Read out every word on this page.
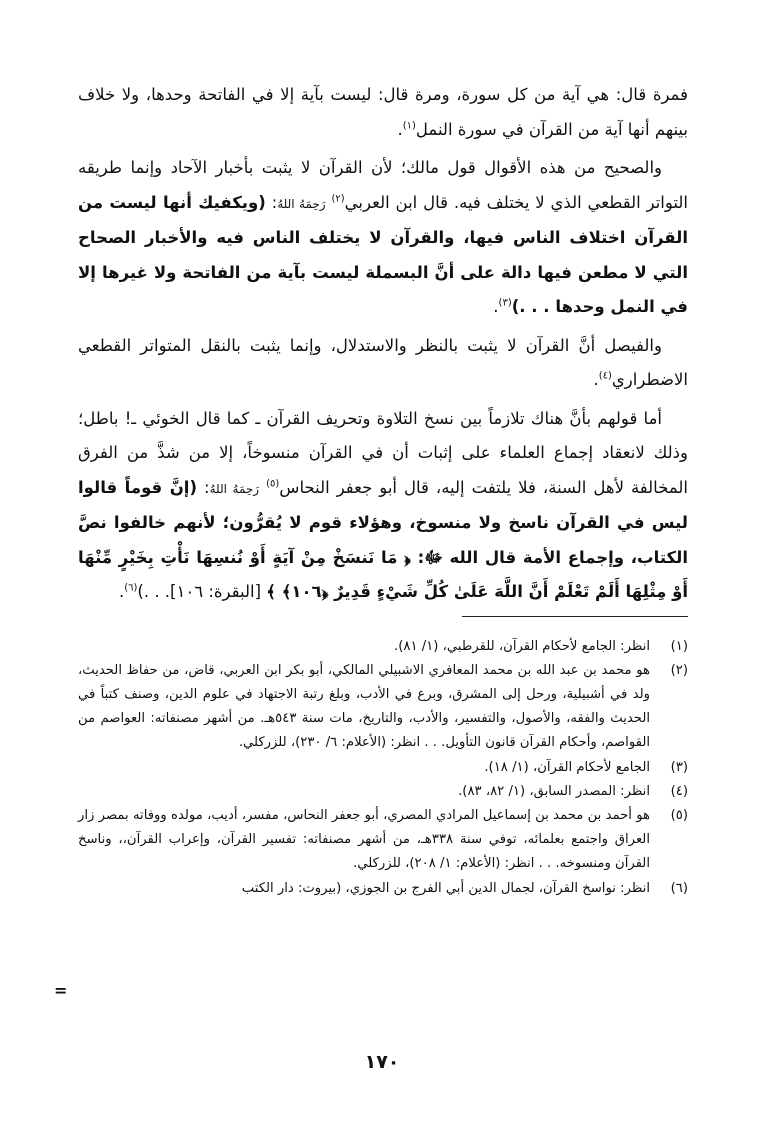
فمرة قال: هي آية من كل سورة، ومرة قال: ليست بآية إلا في الفاتحة وحدها، ولا خلاف بينهم أنها آية من القرآن في سورة النمل$^{(١)}$.

والصحيح من هذه الأقوال قول مالك؛ لأن القرآن لا يثبت بأخبار الآحاد وإنما طريقه التواتر القطعي الذي لا يختلف فيه. قال ابن العربي$^{(٢)}$ رَحِمَهُ اللهُ: (ويكفيك أنها ليست من القرآن اختلاف الناس فيها، والقرآن لا يختلف الناس فيه والأخبار الصحاح التي لا مطعن فيها دالة على أنَّ البسملة ليست بآية من الفاتحة ولا غيرها إلا في النمل وحدها . . .)$^{(٣)}$.

والفيصل أنَّ القرآن لا يثبت بالنظر والاستدلال، وإنما يثبت بالنقل المتواتر القطعي الاضطراري$^{(٤)}$.

أما قولهم بأنَّ هناك تلازماً بين نسخ التلاوة وتحريف القرآن ـ كما قال الخوئي ـ! باطل؛ وذلك لانعقاد إجماع العلماء على إثبات أن في القرآن منسوخاً، إلا من شذَّ من الفرق المخالفة لأهل السنة، فلا يلتفت إليه، قال أبو جعفر النحاس$^{(٥)}$ رَحِمَهُ اللهُ: (إنَّ قوماً قالوا ليس في القرآن ناسخ ولا منسوخ، وهؤلاء قوم لا يُقرُّون؛ لأنهم خالفوا نصَّ الكتاب، وإجماع الأمة قال الله ﷻ: ﴿ مَا نَنسَخْ مِنْ آيَةٍ أَوْ نُنسِهَا نَأْتِ بِخَيْرٍ مِّنْهَا أَوْ مِثْلِهَا أَلَمْ تَعْلَمْ أَنَّ اللَّهَ عَلَىٰ كُلِّ شَيْءٍ قَدِيرٌ ﴿١٠٦﴾ ﴾ [البقرة: ١٠٦]. . .)$^{(٦)}$.

(١)
انظر: الجامع لأحكام القرآن، للقرطبي، (١/ ٨١).
(٢)
هو محمد بن عبد الله بن محمد المعافري الاشبيلي المالكي، أبو بكر ابن العربي، قاض، من حفاظ الحديث، ولد في أشبيلية، ورحل إلى المشرق، وبرع في الأدب، وبلغ رتبة الاجتهاد في علوم الدين، وصنف كتباً في الحديث والفقه، والأصول، والتفسير، والأدب، والتاريخ، مات سنة ٥٤٣هـ. من أشهر مصنفاته: العواصم من القواصم، وأحكام القرآن قانون التأويل. . . انظر: (الأعلام: ٦/ ٢٣٠)، للزركلي.
(٣)
الجامع لأحكام القرآن، (١/ ١٨).
(٤)
انظر: المصدر السابق، (١/ ٨٢، ٨٣).
(٥)
هو أحمد بن محمد بن إسماعيل المرادي المصري، أبو جعفر النحاس، مفسر، أديب، مولده ووفاته بمصر زار العراق واجتمع بعلمائه، توفي سنة ٣٣٨هـ، من أشهر مصنفاته: تفسير القرآن، وإعراب القرآن،، وناسخ القرآن ومنسوخه. . . انظر: (الأعلام: ١/ ٢٠٨)، للزركلي.
(٦)
انظر: نواسخ القرآن، لجمال الدين أبي الفرج بن الجوزي، (بيروت: دار الكتب
=
١٧٠
